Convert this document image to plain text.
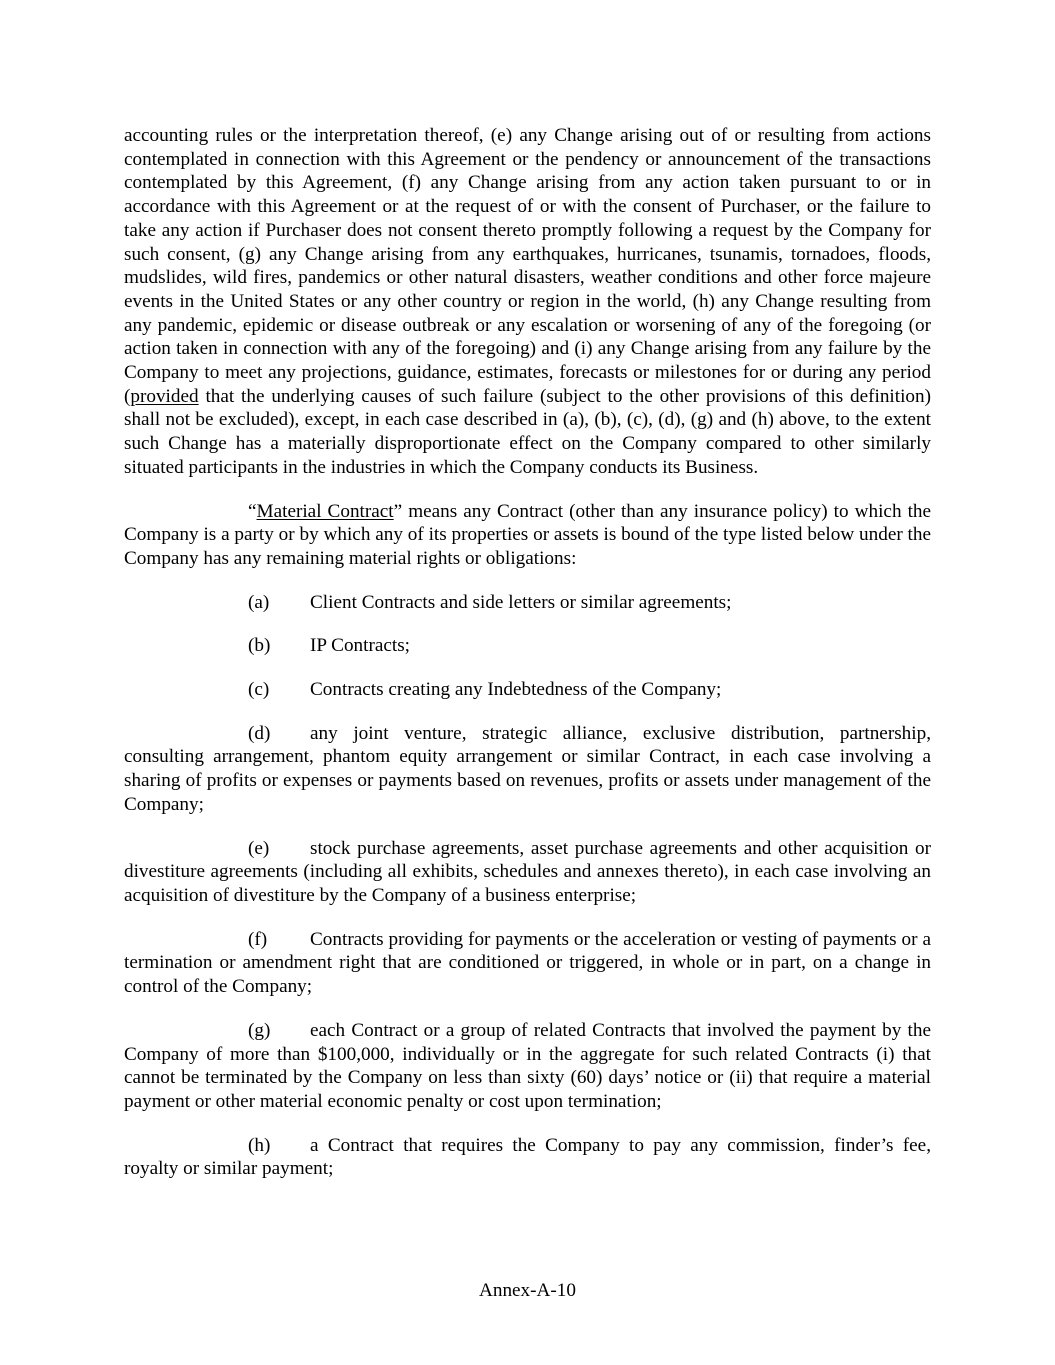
accounting rules or the interpretation thereof, (e) any Change arising out of or resulting from actions contemplated in connection with this Agreement or the pendency or announcement of the transactions contemplated by this Agreement, (f) any Change arising from any action taken pursuant to or in accordance with this Agreement or at the request of or with the consent of Purchaser, or the failure to take any action if Purchaser does not consent thereto promptly following a request by the Company for such consent, (g) any Change arising from any earthquakes, hurricanes, tsunamis, tornadoes, floods, mudslides, wild fires, pandemics or other natural disasters, weather conditions and other force majeure events in the United States or any other country or region in the world, (h) any Change resulting from any pandemic, epidemic or disease outbreak or any escalation or worsening of any of the foregoing (or action taken in connection with any of the foregoing) and (i) any Change arising from any failure by the Company to meet any projections, guidance, estimates, forecasts or milestones for or during any period (provided that the underlying causes of such failure (subject to the other provisions of this definition) shall not be excluded), except, in each case described in (a), (b), (c), (d), (g) and (h) above, to the extent such Change has a materially disproportionate effect on the Company compared to other similarly situated participants in the industries in which the Company conducts its Business.

“Material Contract” means any Contract (other than any insurance policy) to which the Company is a party or by which any of its properties or assets is bound of the type listed below under the Company has any remaining material rights or obligations:

(a)	Client Contracts and side letters or similar agreements;
(b)	IP Contracts;
(c)	Contracts creating any Indebtedness of the Company;

(d) any joint venture, strategic alliance, exclusive distribution, partnership, consulting arrangement, phantom equity arrangement or similar Contract, in each case involving a sharing of profits or expenses or payments based on revenues, profits or assets under management of the Company;

(e) stock purchase agreements, asset purchase agreements and other acquisition or divestiture agreements (including all exhibits, schedules and annexes thereto), in each case involving an acquisition of divestiture by the Company of a business enterprise;

(f) Contracts providing for payments or the acceleration or vesting of payments or a termination or amendment right that are conditioned or triggered, in whole or in part, on a change in control of the Company;

(g) each Contract or a group of related Contracts that involved the payment by the Company of more than $100,000, individually or in the aggregate for such related Contracts (i) that cannot be terminated by the Company on less than sixty (60) days’ notice or (ii) that require a material payment or other material economic penalty or cost upon termination;

(h) a Contract that requires the Company to pay any commission, finder’s fee, royalty or similar payment;

Annex-A-10
